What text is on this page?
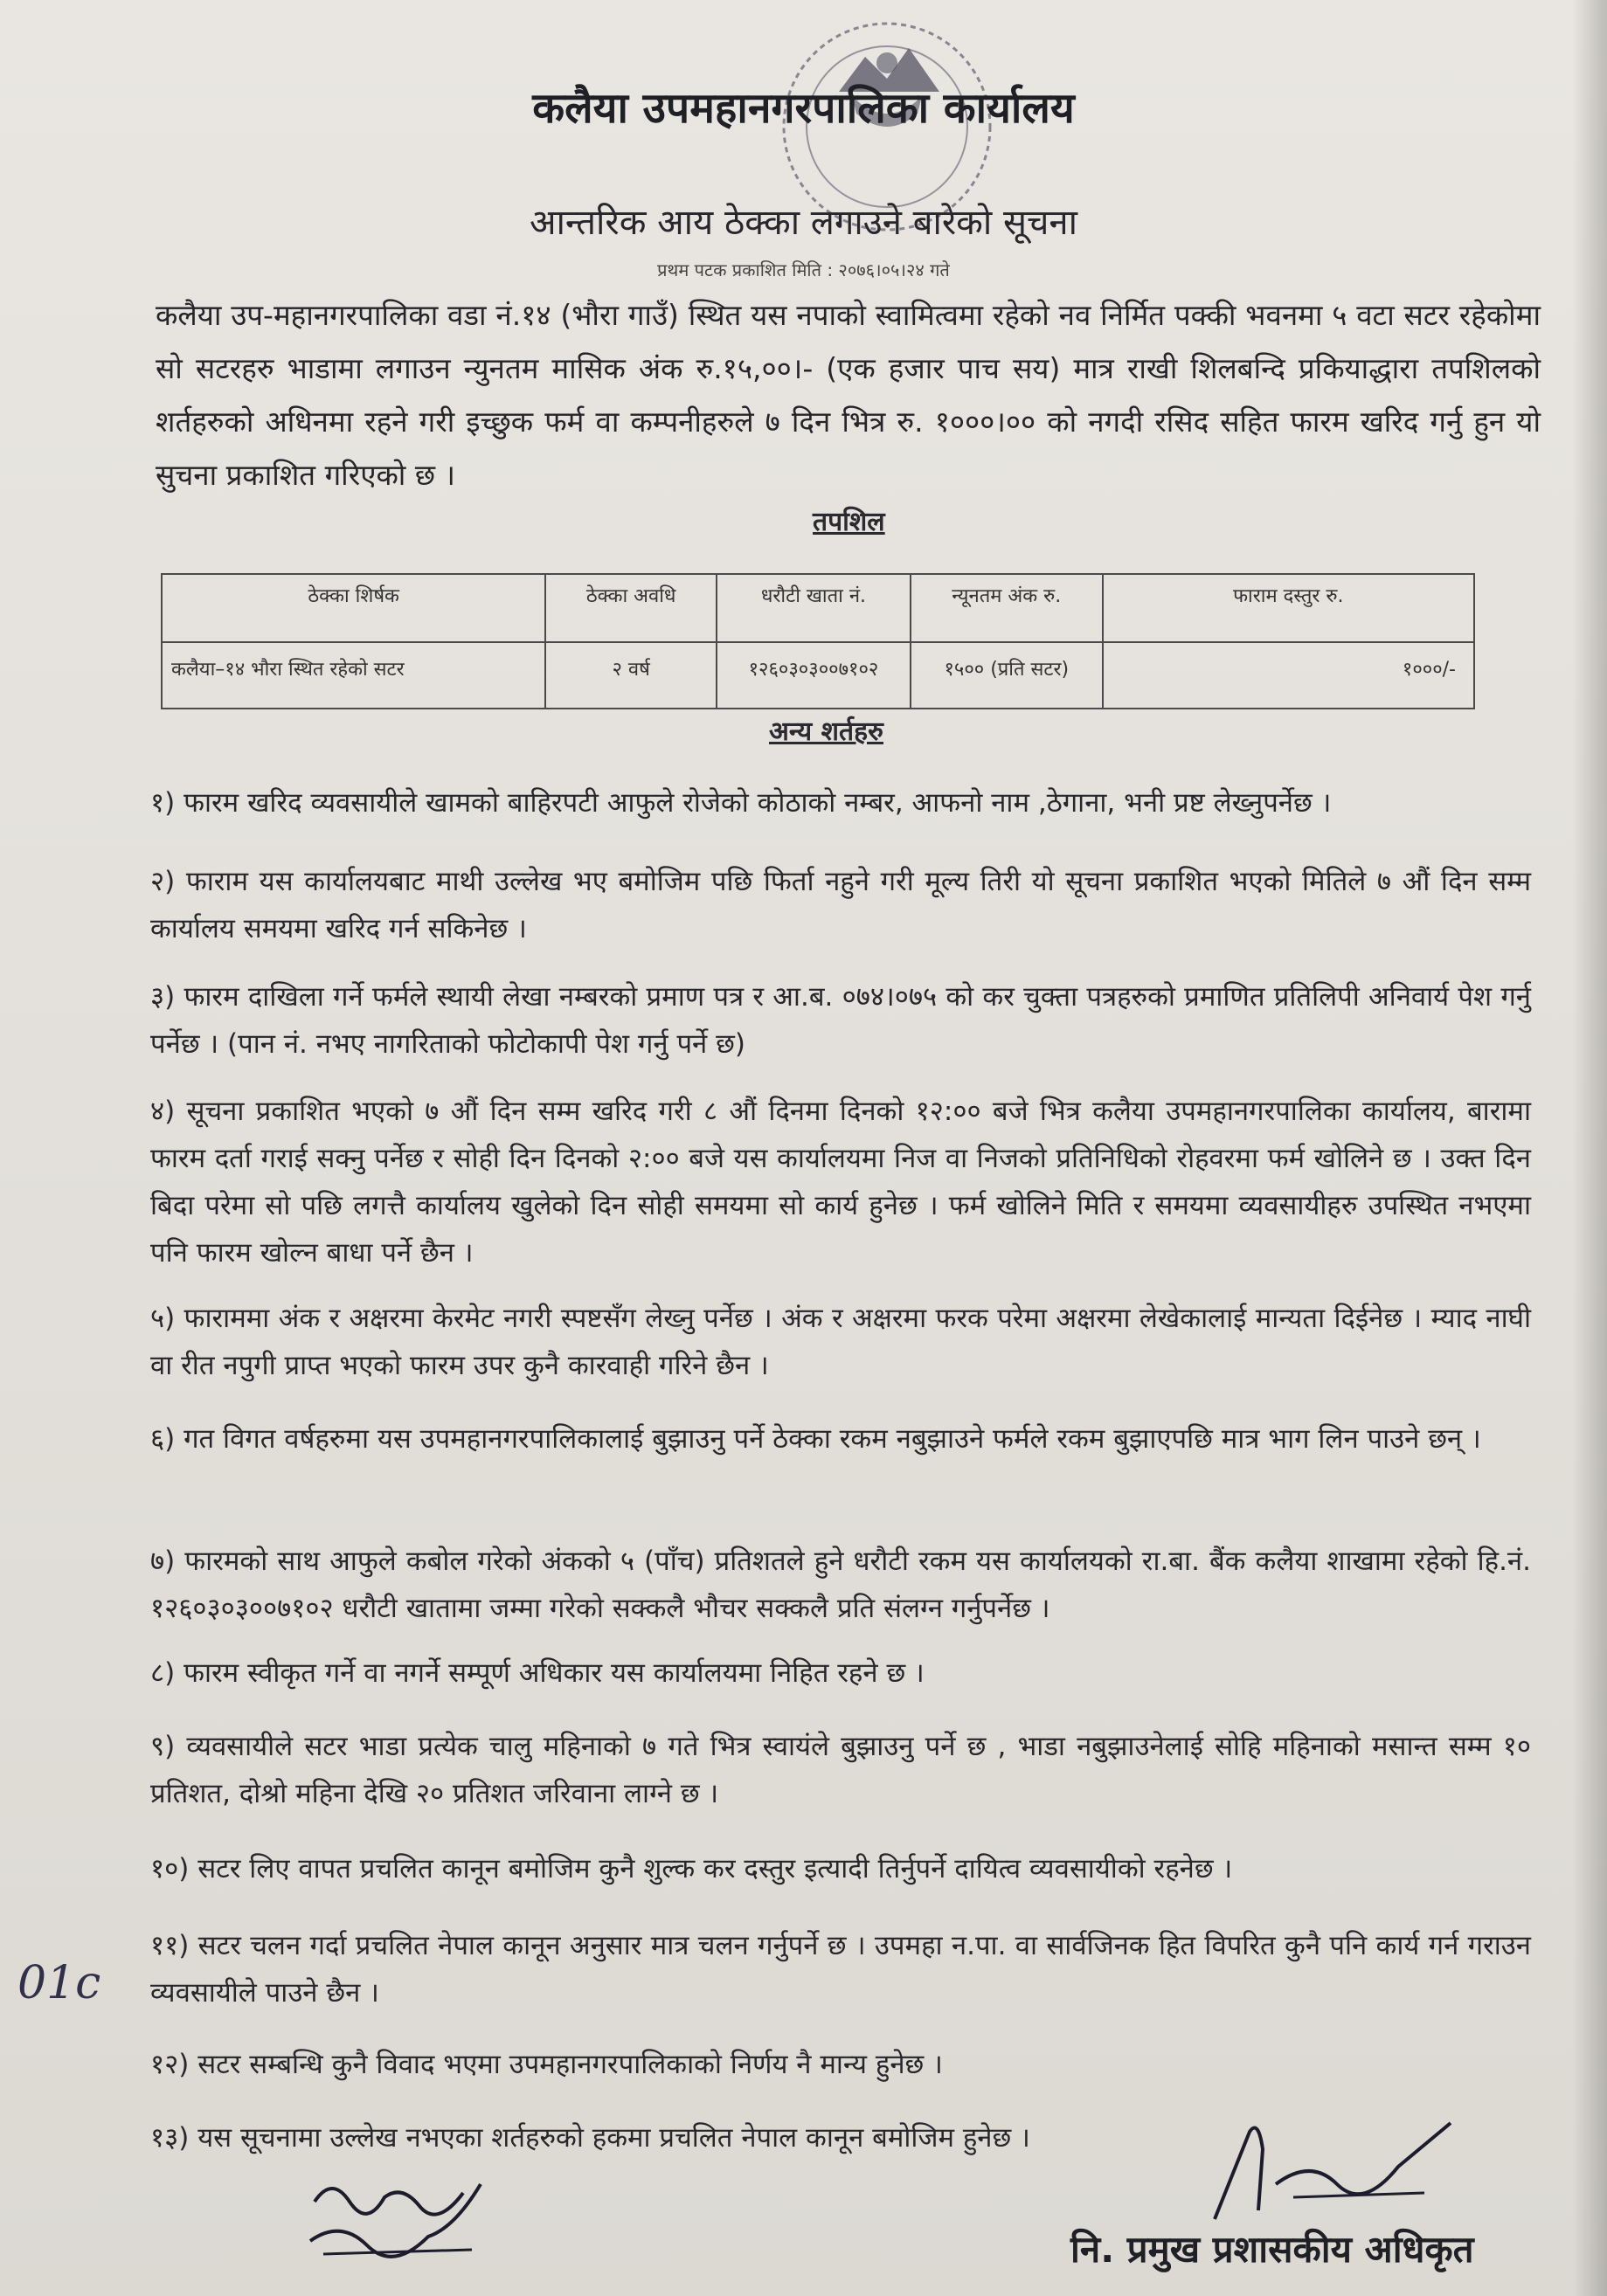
कलैया उपमहानगरपालिका कार्यालय
आन्तरिक आय ठेक्का लगाउने बारेको सूचना
प्रथम पटक प्रकाशित मिति : २०७६।०५।२४ गते
कलैया उप-महानगरपालिका वडा नं.१४ (भौरा गाउँ) स्थित यस नपाको स्वामित्वमा रहेको नव निर्मित पक्की भवनमा ५ वटा सटर रहेकोमा सो सटरहरु भाडामा लगाउन न्युनतम मासिक अंक रु.१५,००।- (एक हजार पाच सय) मात्र राखी शिलबन्दि प्रकियाद्धारा तपशिलको शर्तहरुको अधिनमा रहने गरी इच्छुक फर्म वा कम्पनीहरुले ७ दिन भित्र रु. १०००।०० को नगदी रसिद सहित फारम खरिद गर्नु हुन यो सुचना प्रकाशित गरिएको छ ।
तपशिल
ठेक्का शिर्षक	ठेक्का अवधि	धरौटी खाता नं.	न्यूनतम अंक रु.	फाराम दस्तुर रु.
कलैया–१४ भौरा स्थित रहेको सटर	२ वर्ष	१२६०३०३००७१०२	१५०० (प्रति सटर)	१०००/-
अन्य शर्तहरु
१) फारम खरिद व्यवसायीले खामको बाहिरपटी आफुले रोजेको कोठाको नम्बर, आफनो नाम ,ठेगाना, भनी प्रष्ट लेख्नुपर्नेछ ।
२) फाराम यस कार्यालयबाट माथी उल्लेख भए बमोजिम पछि फिर्ता नहुने गरी मूल्य तिरी यो सूचना प्रकाशित भएको मितिले ७ औं दिन सम्म कार्यालय समयमा खरिद गर्न सकिनेछ ।
३) फारम दाखिला गर्ने फर्मले स्थायी लेखा नम्बरको प्रमाण पत्र र आ.ब. ०७४।०७५ को कर चुक्ता पत्रहरुको प्रमाणित प्रतिलिपी अनिवार्य पेश गर्नु पर्नेछ । (पान नं. नभए नागरिताको फोटोकापी पेश गर्नु पर्ने छ)
४) सूचना प्रकाशित भएको ७ औं दिन सम्म खरिद गरी ८ औं दिनमा दिनको १२:०० बजे भित्र कलैया उपमहानगरपालिका कार्यालय, बारामा फारम दर्ता गराई सक्नु पर्नेछ र सोही दिन दिनको २:०० बजे यस कार्यालयमा निज वा निजको प्रतिनिधिको रोहवरमा फर्म खोलिने छ । उक्त दिन बिदा परेमा सो पछि लगत्तै कार्यालय खुलेको दिन सोही समयमा सो कार्य हुनेछ । फर्म खोलिने मिति र समयमा व्यवसायीहरु उपस्थित नभएमा पनि फारम खोल्न बाधा पर्ने छैन ।
५) फाराममा अंक र अक्षरमा केरमेट नगरी स्पष्टसँग लेख्नु पर्नेछ । अंक र अक्षरमा फरक परेमा अक्षरमा लेखेकालाई मान्यता दिईनेछ । म्याद नाघी वा रीत नपुगी प्राप्त भएको फारम उपर कुनै कारवाही गरिने छैन ।
६) गत विगत वर्षहरुमा यस उपमहानगरपालिकालाई बुझाउनु पर्ने ठेक्का रकम नबुझाउने फर्मले रकम बुझाएपछि मात्र भाग लिन पाउने छन् ।
७) फारमको साथ आफुले कबोल गरेको अंकको ५ (पाँच) प्रतिशतले हुने धरौटी रकम यस कार्यालयको रा.बा. बैंक कलैया शाखामा रहेको हि.नं. १२६०३०३००७१०२ धरौटी खातामा जम्मा गरेको सक्कलै भौचर सक्कलै प्रति संलग्न गर्नुपर्नेछ ।
८) फारम स्वीकृत गर्ने वा नगर्ने सम्पूर्ण अधिकार यस कार्यालयमा निहित रहने छ ।
९) व्यवसायीले सटर भाडा प्रत्येक चालु महिनाको ७ गते भित्र स्वायंले बुझाउनु पर्ने छ , भाडा नबुझाउनेलाई सोहि महिनाको मसान्त सम्म १० प्रतिशत, दोश्रो महिना देखि २० प्रतिशत जरिवाना लाग्ने छ ।
१०) सटर लिए वापत प्रचलित कानून बमोजिम कुनै शुल्क कर दस्तुर इत्यादी तिर्नुपर्ने दायित्व व्यवसायीको रहनेछ ।
११) सटर चलन गर्दा प्रचलित नेपाल कानून अनुसार मात्र चलन गर्नुपर्ने छ । उपमहा न.पा. वा सार्वजिनक हित विपरित कुनै पनि कार्य गर्न गराउन व्यवसायीले पाउने छैन ।
१२) सटर सम्बन्धि कुनै विवाद भएमा उपमहानगरपालिकाको निर्णय नै मान्य हुनेछ ।
१३) यस सूचनामा उल्लेख नभएका शर्तहरुको हकमा प्रचलित नेपाल कानून बमोजिम हुनेछ ।
01c
नि. प्रमुख प्रशासकीय अधिकृत
